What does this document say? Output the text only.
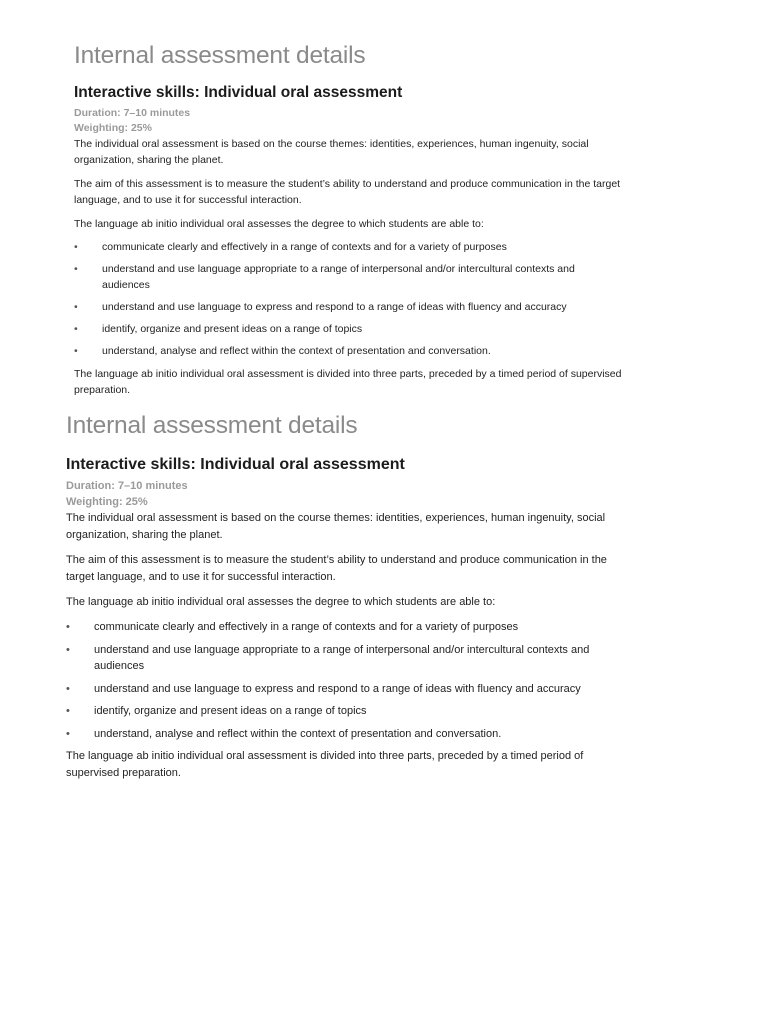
Internal assessment details
Interactive skills: Individual oral assessment

Duration: 7–10 minutes

Weighting: 25%

The individual oral assessment is based on the course themes: identities, experiences, human ingenuity, social organization, sharing the planet.

The aim of this assessment is to measure the student’s ability to understand and produce communication in the target language, and to use it for successful interaction.

The language ab initio individual oral assesses the degree to which students are able to:

•	communicate clearly and effectively in a range of contexts and for a variety of purposes
•	understand and use language appropriate to a range of interpersonal and/or intercultural contexts and audiences
•	understand and use language to express and respond to a range of ideas with fluency and accuracy
•	identify, organize and present ideas on a range of topics
•	understand, analyse and reflect within the context of presentation and conversation.

The language ab initio individual oral assessment is divided into three parts, preceded by a timed period of supervised preparation.

Internal assessment details
Interactive skills: Individual oral assessment

Duration: 7–10 minutes

Weighting: 25%

The individual oral assessment is based on the course themes: identities, experiences, human ingenuity, social organization, sharing the planet.

The aim of this assessment is to measure the student’s ability to understand and produce communication in the target language, and to use it for successful interaction.

The language ab initio individual oral assesses the degree to which students are able to:

•	communicate clearly and effectively in a range of contexts and for a variety of purposes
•	understand and use language appropriate to a range of interpersonal and/or intercultural contexts and audiences
•	understand and use language to express and respond to a range of ideas with fluency and accuracy
•	identify, organize and present ideas on a range of topics
•	understand, analyse and reflect within the context of presentation and conversation.

The language ab initio individual oral assessment is divided into three parts, preceded by a timed period of supervised preparation.
